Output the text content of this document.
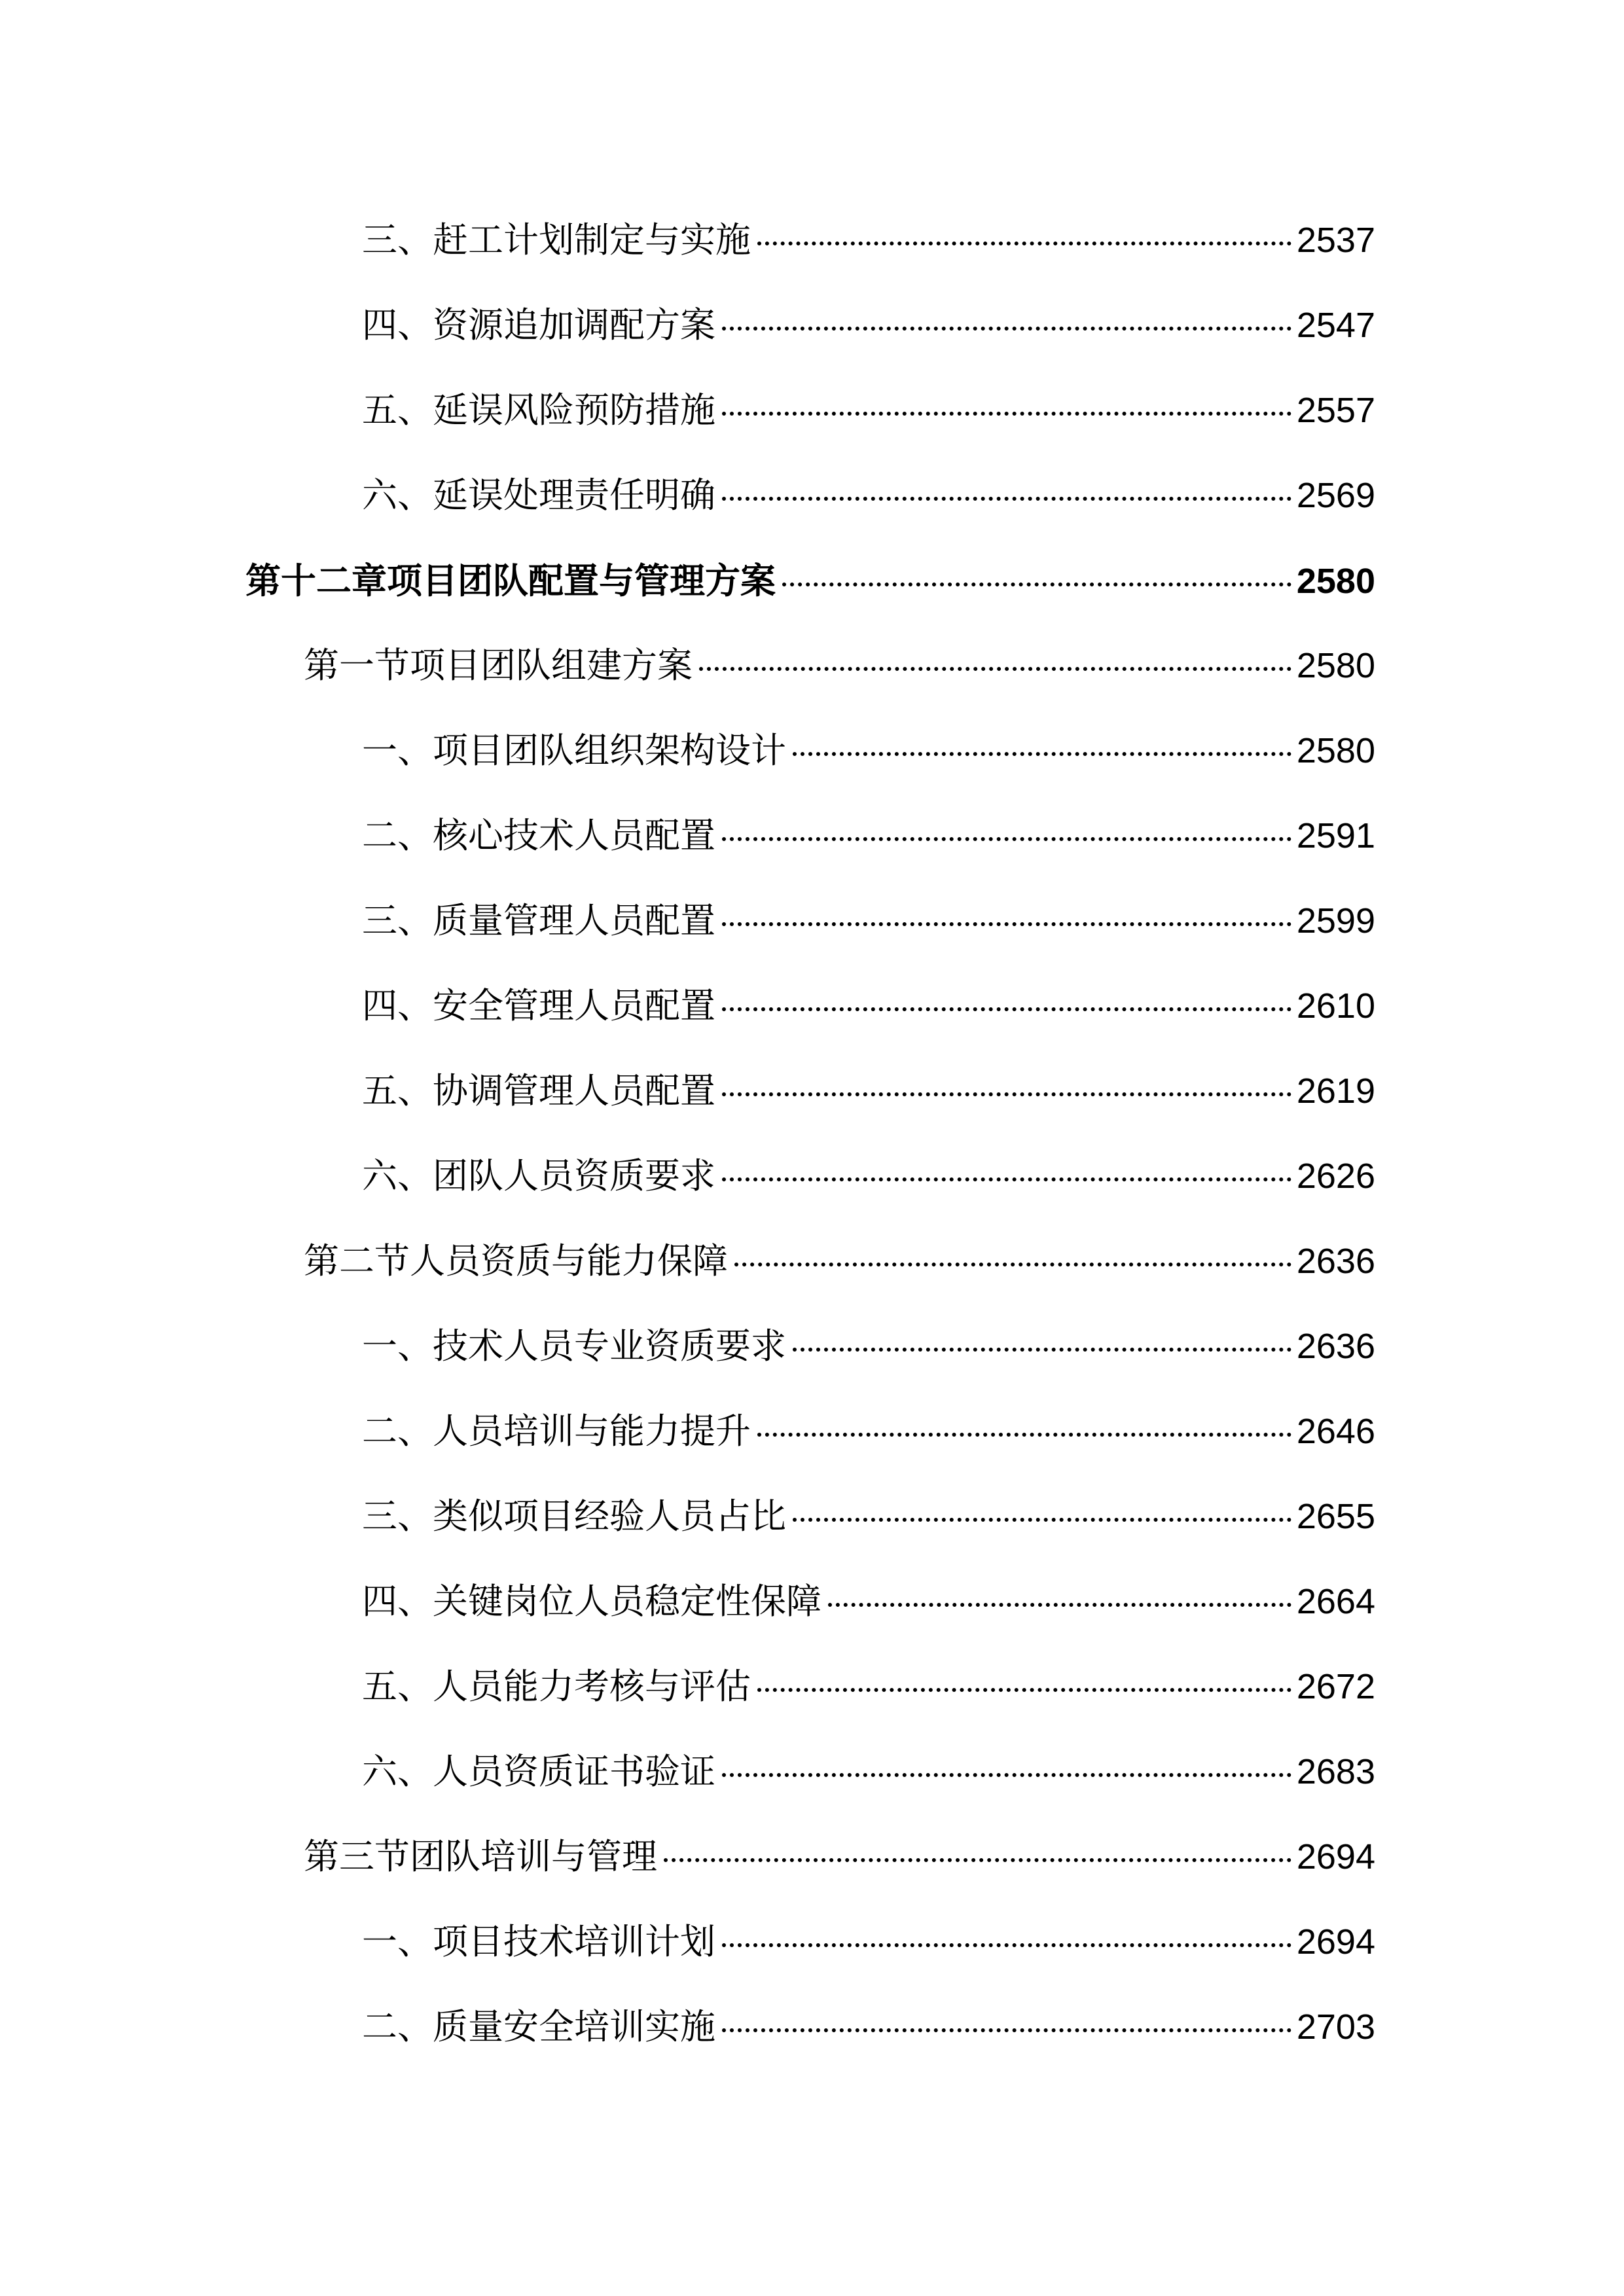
三、赶工计划制定与实施	2537
四、资源追加调配方案	2547
五、延误风险预防措施	2557
六、延误处理责任明确	2569
第十二章项目团队配置与管理方案	2580
第一节项目团队组建方案	2580
一、项目团队组织架构设计	2580
二、核心技术人员配置	2591
三、质量管理人员配置	2599
四、安全管理人员配置	2610
五、协调管理人员配置	2619
六、团队人员资质要求	2626
第二节人员资质与能力保障	2636
一、技术人员专业资质要求	2636
二、人员培训与能力提升	2646
三、类似项目经验人员占比	2655
四、关键岗位人员稳定性保障	2664
五、人员能力考核与评估	2672
六、人员资质证书验证	2683
第三节团队培训与管理	2694
一、项目技术培训计划	2694
二、质量安全培训实施	2703
